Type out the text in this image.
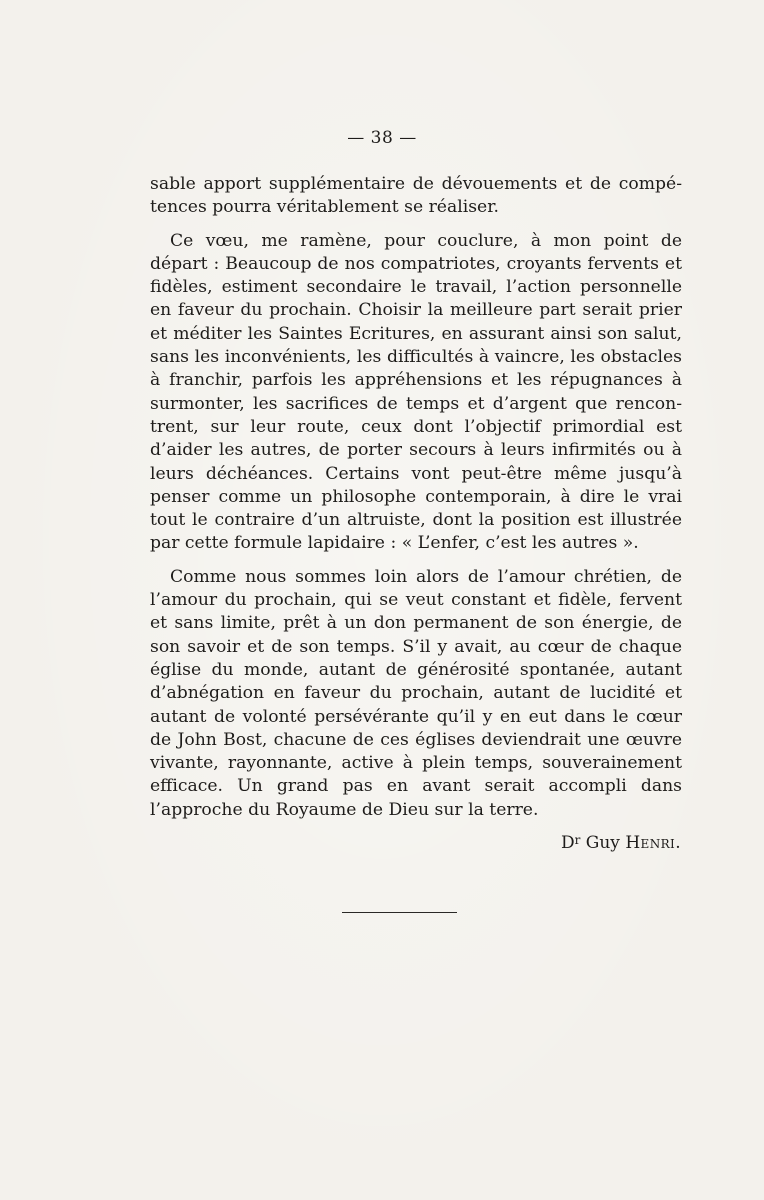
— 38 —

sable apport supplémentaire de dévouements et de compétences pourra véritablement se réaliser.

Ce vœu, me ramène, pour couclure, à mon point de départ : Beaucoup de nos compatriotes, croyants fervents et fidèles, estiment secondaire le travail, l’action personnelle en faveur du prochain. Choisir la meilleure part serait prier et méditer les Saintes Ecritures, en assurant ainsi son salut, sans les inconvénients, les difficultés à vaincre, les obstacles à franchir, parfois les appréhensions et les répugnances à surmonter, les sacrifices de temps et d’argent que rencontrent, sur leur route, ceux dont l’objectif primordial est d’aider les autres, de porter secours à leurs infirmités ou à leurs déchéances. Certains vont peut-être même jusqu’à penser comme un philosophe contemporain, à dire le vrai tout le contraire d’un altruiste, dont la position est illustrée par cette formule lapidaire : « L’enfer, c’est les autres ».

Comme nous sommes loin alors de l’amour chrétien, de l’amour du prochain, qui se veut constant et fidèle, fervent et sans limite, prêt à un don permanent de son énergie, de son savoir et de son temps. S’il y avait, au cœur de chaque église du monde, autant de générosité spontanée, autant d’abnégation en faveur du prochain, autant de lucidité et autant de volonté persévérante qu’il y en eut dans le cœur de John Bost, chacune de ces églises deviendrait une œuvre vivante, rayonnante, active à plein temps, souverainement efficace. Un grand pas en avant serait accompli dans l’approche du Royaume de Dieu sur la terre.

$D^r$ Guy Henri.
